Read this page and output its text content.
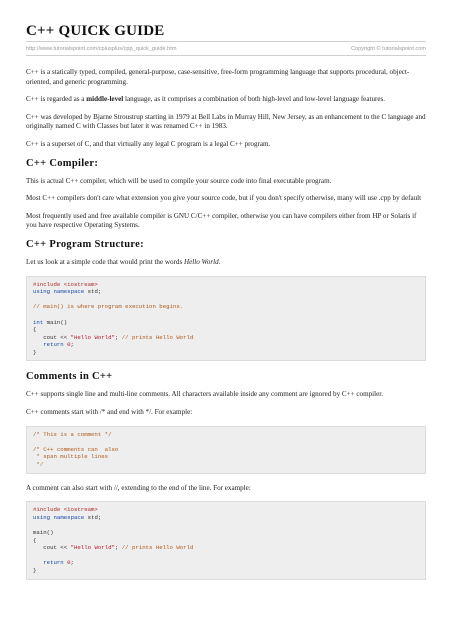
C++ QUICK GUIDE
http://www.tutorialspoint.com/cplusplus/cpp_quick_guide.htm	Copyright © tutorialspoint.com

C++ is a statically typed, compiled, general-purpose, case-sensitive, free-form programming language that supports procedural, object-oriented, and generic programming.

C++ is regarded as a middle-level language, as it comprises a combination of both high-level and low-level language features.

C++ was developed by Bjarne Stroustrup starting in 1979 at Bell Labs in Murray Hill, New Jersey, as an enhancement to the C language and originally named C with Classes but later it was renamed C++ in 1983.

C++ is a superset of C, and that virtually any legal C program is a legal C++ program.

C++ Compiler:

This is actual C++ compiler, which will be used to compile your source code into final executable program.

Most C++ compilers don't care what extension you give your source code, but if you don't specify otherwise, many will use .cpp by default

Most frequently used and free available compiler is GNU C/C++ compiler, otherwise you can have compilers either from HP or Solaris if you have respective Operating Systems.

C++ Program Structure:

Let us look at a simple code that would print the words Hello World.

#include <iostream>
using namespace std;
// main() is where program execution begins.
int main()
{
cout << "Hello World"; // prints Hello World
return 0;
}
Comments in C++

C++ supports single line and multi-line comments. All characters available inside any comment are ignored by C++ compiler.

C++ comments start with /* and end with */. For example:

/* This is a comment */
/* C++ comments can  also
* span multiple lines
*/

A comment can also start with //, extending to the end of the line. For example:

#include <iostream>
using namespace std;
main()
{
cout << "Hello World"; // prints Hello World
return 0;
}
